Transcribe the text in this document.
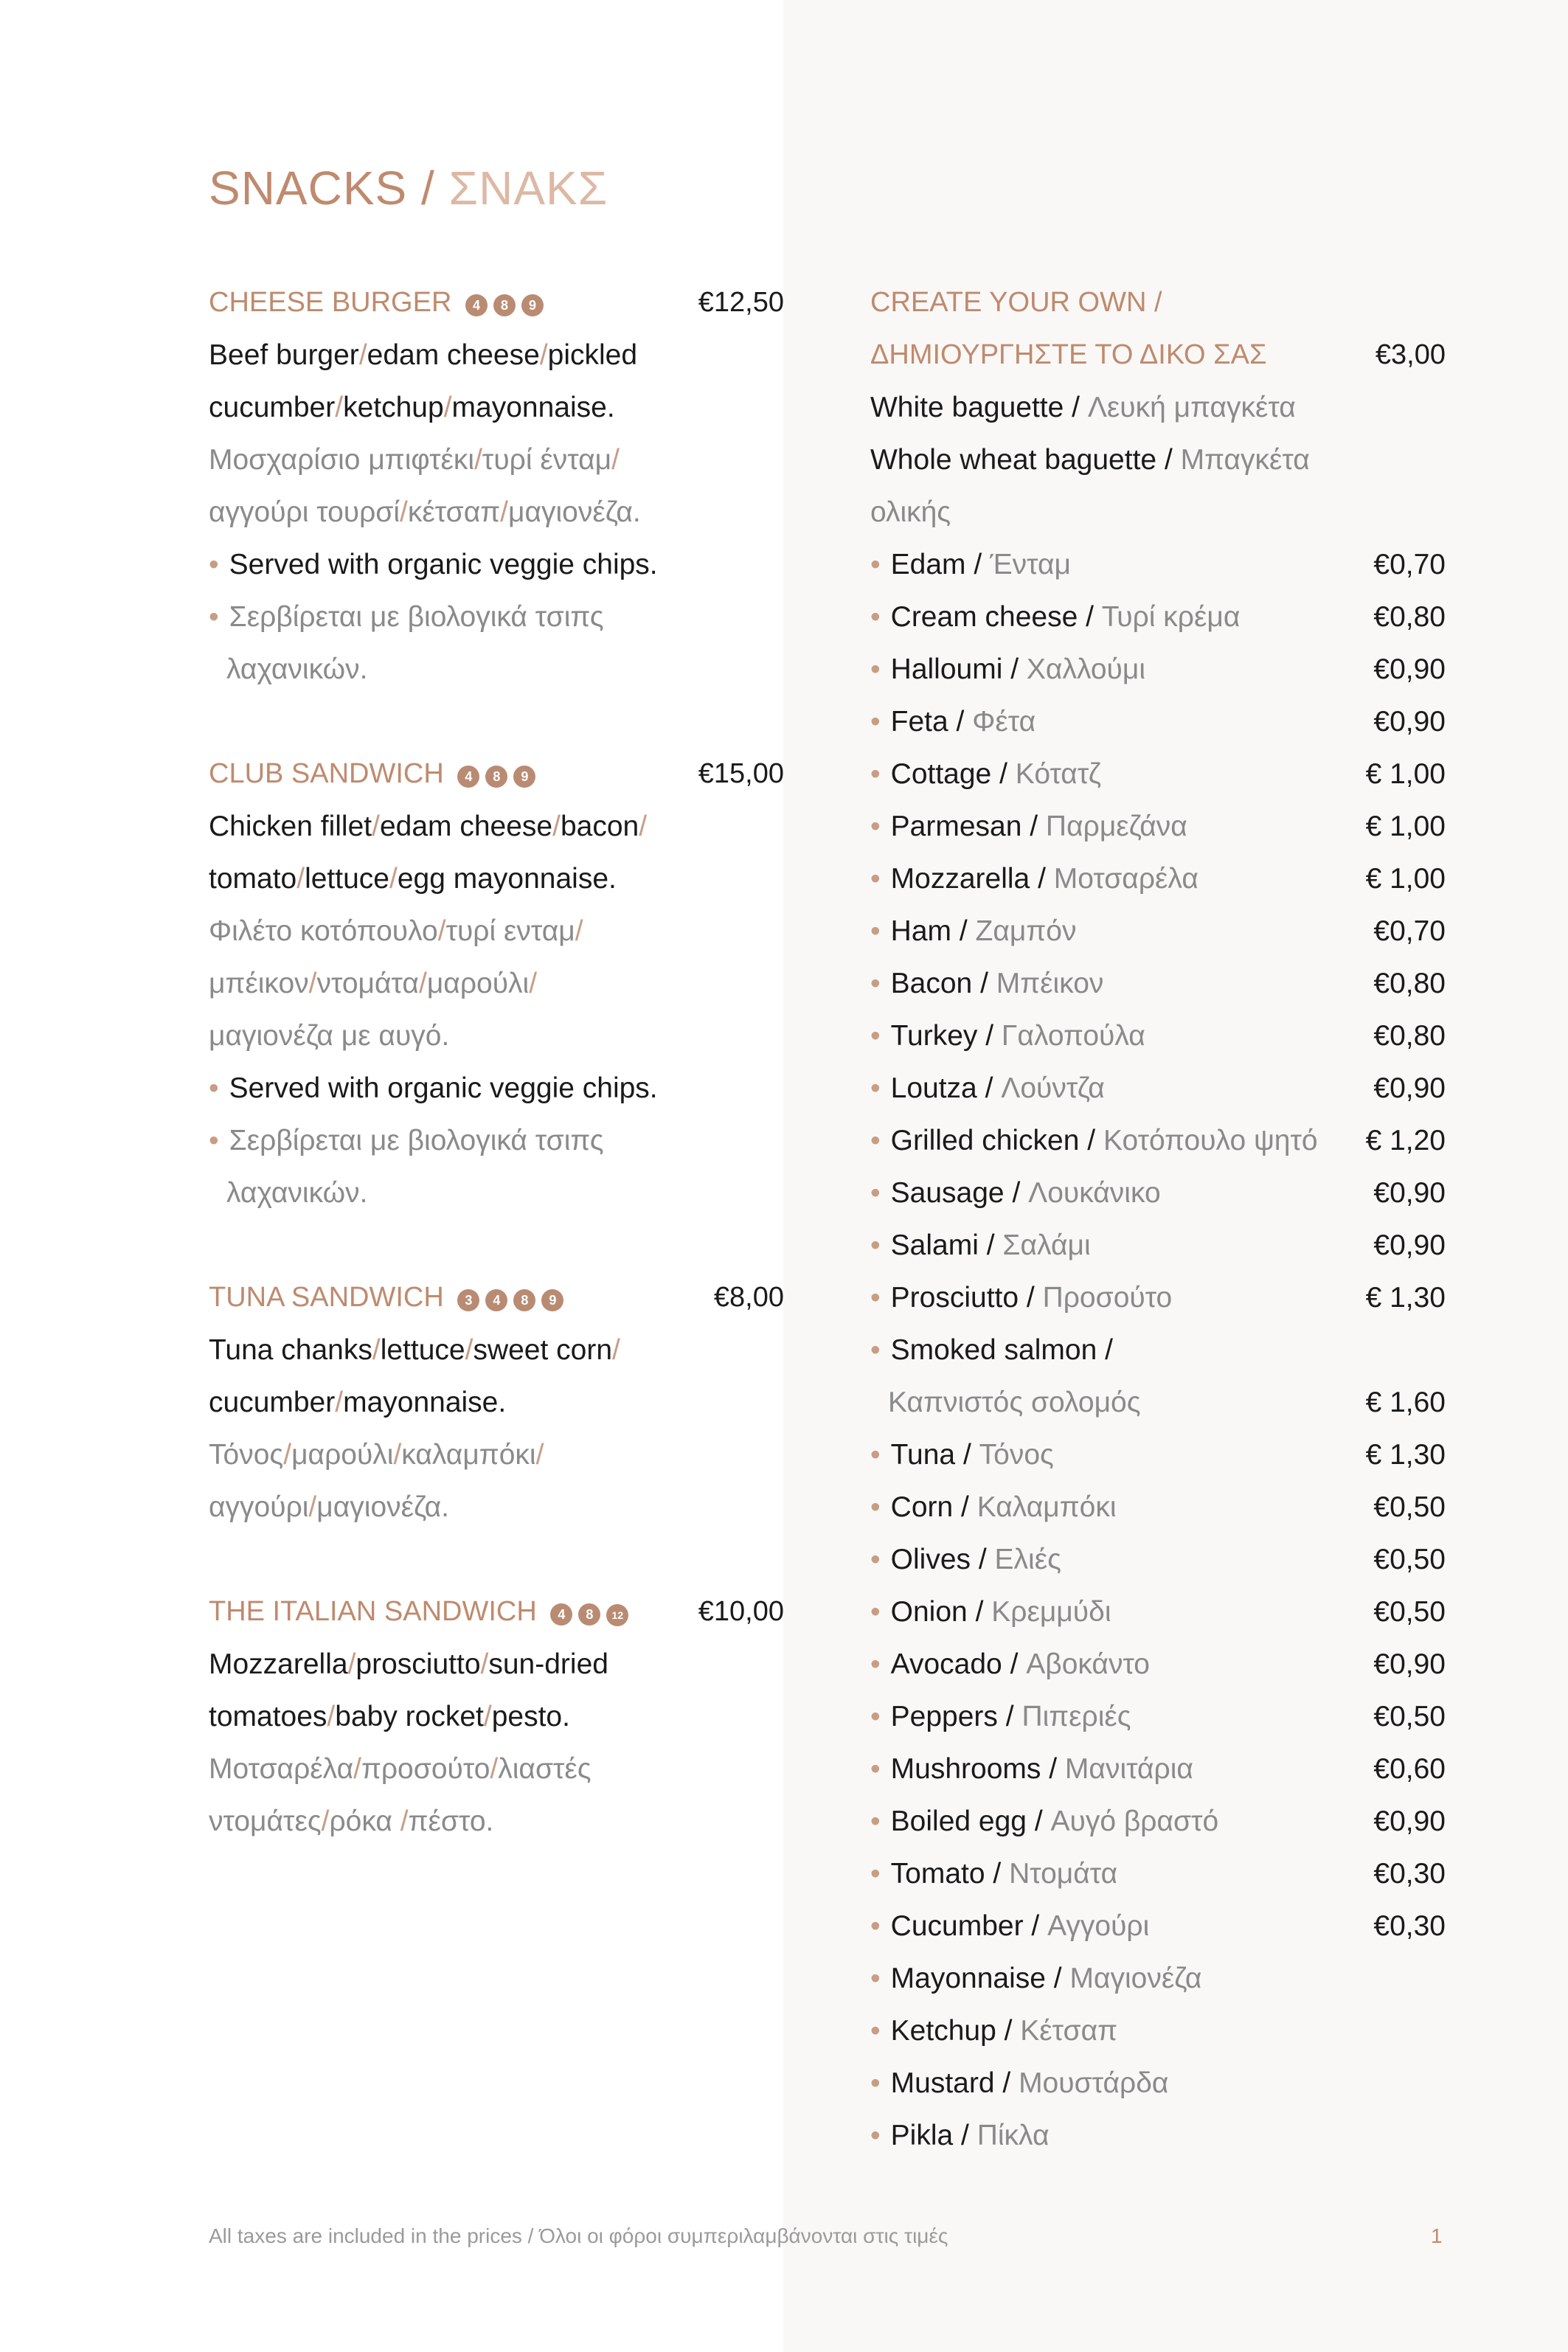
SNACKS / ΣΝΑΚΣ
CHEESE BURGER 4 8 9	€12,50
Beef burger/edam cheese/pickled
cucumber/ketchup/mayonnaise.
Μοσχαρίσιο μπιφτέκι/τυρί ένταμ/
αγγούρι τουρσί/κέτσαπ/μαγιονέζα.
• Served with organic veggie chips.
• Σερβίρεται με βιολογικά τσιπς
λαχανικών.
CLUB SANDWICH 4 8 9	€15,00
Chicken fillet/edam cheese/bacon/
tomato/lettuce/egg mayonnaise.
Φιλέτο κοτόπουλο/τυρί ενταμ/
μπέικον/ντομάτα/μαρούλι/
μαγιονέζα με αυγό.
• Served with organic veggie chips.
• Σερβίρεται με βιολογικά τσιπς
λαχανικών.
TUNA SANDWICH 3 4 8 9	€8,00
Tuna chanks/lettuce/sweet corn/
cucumber/mayonnaise.
Τόνος/μαρούλι/καλαμπόκι/
αγγούρι/μαγιονέζα.
THE ITALIAN SANDWICH 4 8 12	€10,00
Mozzarella/prosciutto/sun-dried
tomatoes/baby rocket/pesto.
Μοτσαρέλα/προσούτο/λιαστές
ντομάτες/ρόκα /πέστο.
CREATE YOUR OWN /
ΔΗΜΙΟΥΡΓΗΣΤΕ ΤΟ ΔΙΚΟ ΣΑΣ	€3,00
White baguette / Λευκή μπαγκέτα
Whole wheat baguette / Μπαγκέτα
ολικής
• Edam / Ένταμ	€0,70
• Cream cheese / Τυρί κρέμα	€0,80
• Halloumi / Χαλλούμι	€0,90
• Feta / Φέτα	€0,90
• Cottage / Κότατζ	€ 1,00
• Parmesan / Παρμεζάνα	€ 1,00
• Mozzarella / Μοτσαρέλα	€ 1,00
• Ham / Ζαμπόν	€0,70
• Bacon / Μπέικον	€0,80
• Turkey / Γαλοπούλα	€0,80
• Loutza / Λούντζα	€0,90
• Grilled chicken / Κοτόπουλο ψητό € 1,20
• Sausage / Λουκάνικο	€0,90
• Salami / Σαλάμι	€0,90
• Prosciutto / Προσούτο	€ 1,30
• Smoked salmon /
Καπνιστός σολομός	€ 1,60
• Tuna / Τόνος	€ 1,30
• Corn / Καλαμπόκι	€0,50
• Olives / Ελιές	€0,50
• Onion / Κρεμμύδι	€0,50
• Avocado / Αβοκάντο	€0,90
• Peppers / Πιπεριές	€0,50
• Mushrooms / Μανιτάρια	€0,60
• Boiled egg / Αυγό βραστό	€0,90
• Tomato / Ντομάτα	€0,30
• Cucumber / Αγγούρι	€0,30
• Mayonnaise / Μαγιονέζα
• Ketchup / Κέτσαπ
• Mustard / Μουστάρδα
• Pikla / Πίκλα
All taxes are included in the prices / Όλοι οι φόροι συμπεριλαμβάνονται στις τιμές	1
